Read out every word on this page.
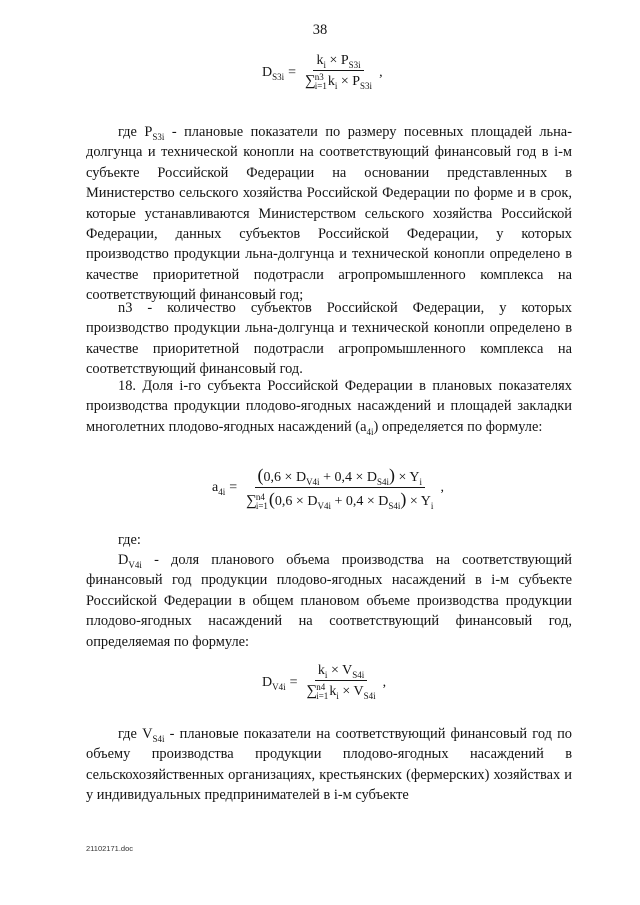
38
$D_{S3i} = k_i \times P_{S3i}$
∑ n3
i=1 $k_i \times P_{S3i}$ ,
где $P_{S3i}$ - плановые показатели по размеру посевных площадей льна-долгунца и технической конопли на соответствующий финансовый год в i-м субъекте Российской Федерации на основании представленных в Министерство сельского хозяйства Российской Федерации по форме и в срок, которые устанавливаются Министерством сельского хозяйства Российской Федерации, данных субъектов Российской Федерации, у которых производство продукции льна-долгунца и технической конопли определено в качестве приоритетной подотрасли агропромышленного комплекса на соответствующий финансовый год;
n3 - количество субъектов Российской Федерации, у которых производство продукции льна-долгунца и технической конопли определено в качестве приоритетной подотрасли агропромышленного комплекса на соответствующий финансовый год.
18. Доля i-го субъекта Российской Федерации в плановых показателях производства продукции плодово-ягодных насаждений и площадей закладки многолетних плодово-ягодных насаждений $(a_{4i})$ определяется по формуле:
$a_{4i}$ =
$(0,6 \times D_{V4i} + 0,4 \times D_{S4i}) \times Y_i$
∑ n4
i=1 $(0,6 \times D_{V4i} + 0,4 \times D_{S4i}) \times Y_i$
,
где:
$D_{V4i}$ - доля планового объема производства на соответствующий финансовый год продукции плодово-ягодных насаждений в i-м субъекте Российской Федерации в общем плановом объеме производства продукции плодово-ягодных насаждений на соответствующий финансовый год, определяемая по формуле:
$D_{V4i} = k_i \times V_{S4i}$
∑ n4
i=1 $k_i \times V_{S4i}$ ,
где $V_{S4i}$ - плановые показатели на соответствующий финансовый год по объему производства продукции плодово-ягодных насаждений в сельскохозяйственных организациях, крестьянских (фермерских) хозяйствах и у индивидуальных предпринимателей в i-м субъекте
21102171.doc
